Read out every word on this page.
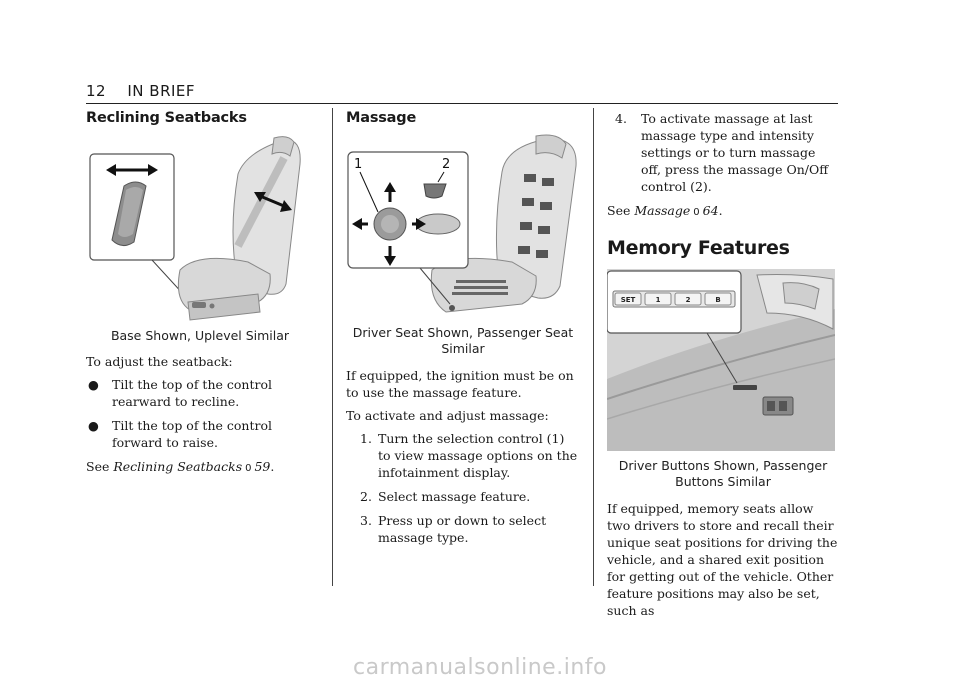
12 IN BRIEF
Reclining Seatbacks
Base Shown, Uplevel Similar
To adjust the seatback:
● Tilt the top of the control rearward to recline.
● Tilt the top of the control forward to raise.
See Reclining Seatbacks 0 59.
Massage
1	2
Driver Seat Shown, Passenger Seat Similar
If equipped, the ignition must be on to use the massage feature.
To activate and adjust massage:
1. Turn the selection control (1) to view massage options on the infotainment display.
2. Select massage feature.
3. Press up or down to select massage type.
4. To activate massage at last massage type and intensity settings or to turn massage off, press the massage On/Off control (2).
See Massage 0 64.
Memory Features
SET	1	2	B
Driver Buttons Shown, Passenger Buttons Similar
If equipped, memory seats allow two drivers to store and recall their unique seat positions for driving the vehicle, and a shared exit position for getting out of the vehicle. Other feature positions may also be set, such as
carmanualsonline.info
